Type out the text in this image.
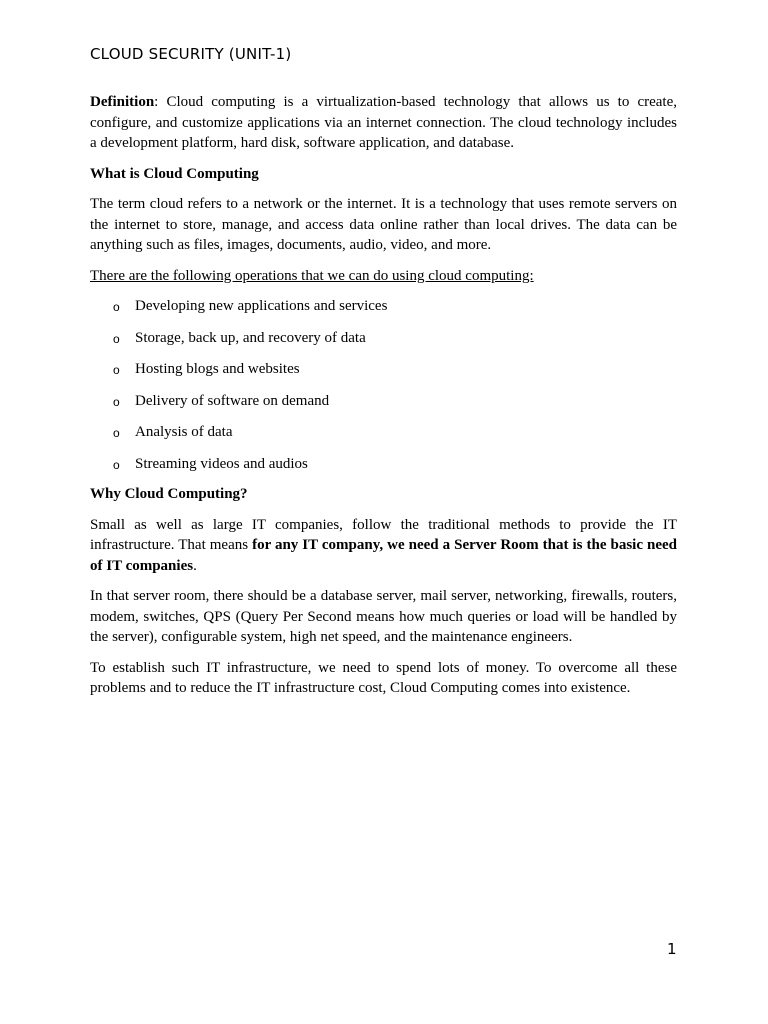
CLOUD SECURITY (UNIT-1)

Definition: Cloud computing is a virtualization-based technology that allows us to create, configure, and customize applications via an internet connection. The cloud technology includes a development platform, hard disk, software application, and database.

What is Cloud Computing

The term cloud refers to a network or the internet. It is a technology that uses remote servers on the internet to store, manage, and access data online rather than local drives. The data can be anything such as files, images, documents, audio, video, and more.

There are the following operations that we can do using cloud computing:

o Developing new applications and services
o Storage, back up, and recovery of data
o Hosting blogs and websites
o Delivery of software on demand
o Analysis of data
o Streaming videos and audios
Why Cloud Computing?

Small as well as large IT companies, follow the traditional methods to provide the IT infrastructure. That means for any IT company, we need a Server Room that is the basic need of IT companies.

In that server room, there should be a database server, mail server, networking, firewalls, routers, modem, switches, QPS (Query Per Second means how much queries or load will be handled by the server), configurable system, high net speed, and the maintenance engineers.

To establish such IT infrastructure, we need to spend lots of money. To overcome all these problems and to reduce the IT infrastructure cost, Cloud Computing comes into existence.

1
